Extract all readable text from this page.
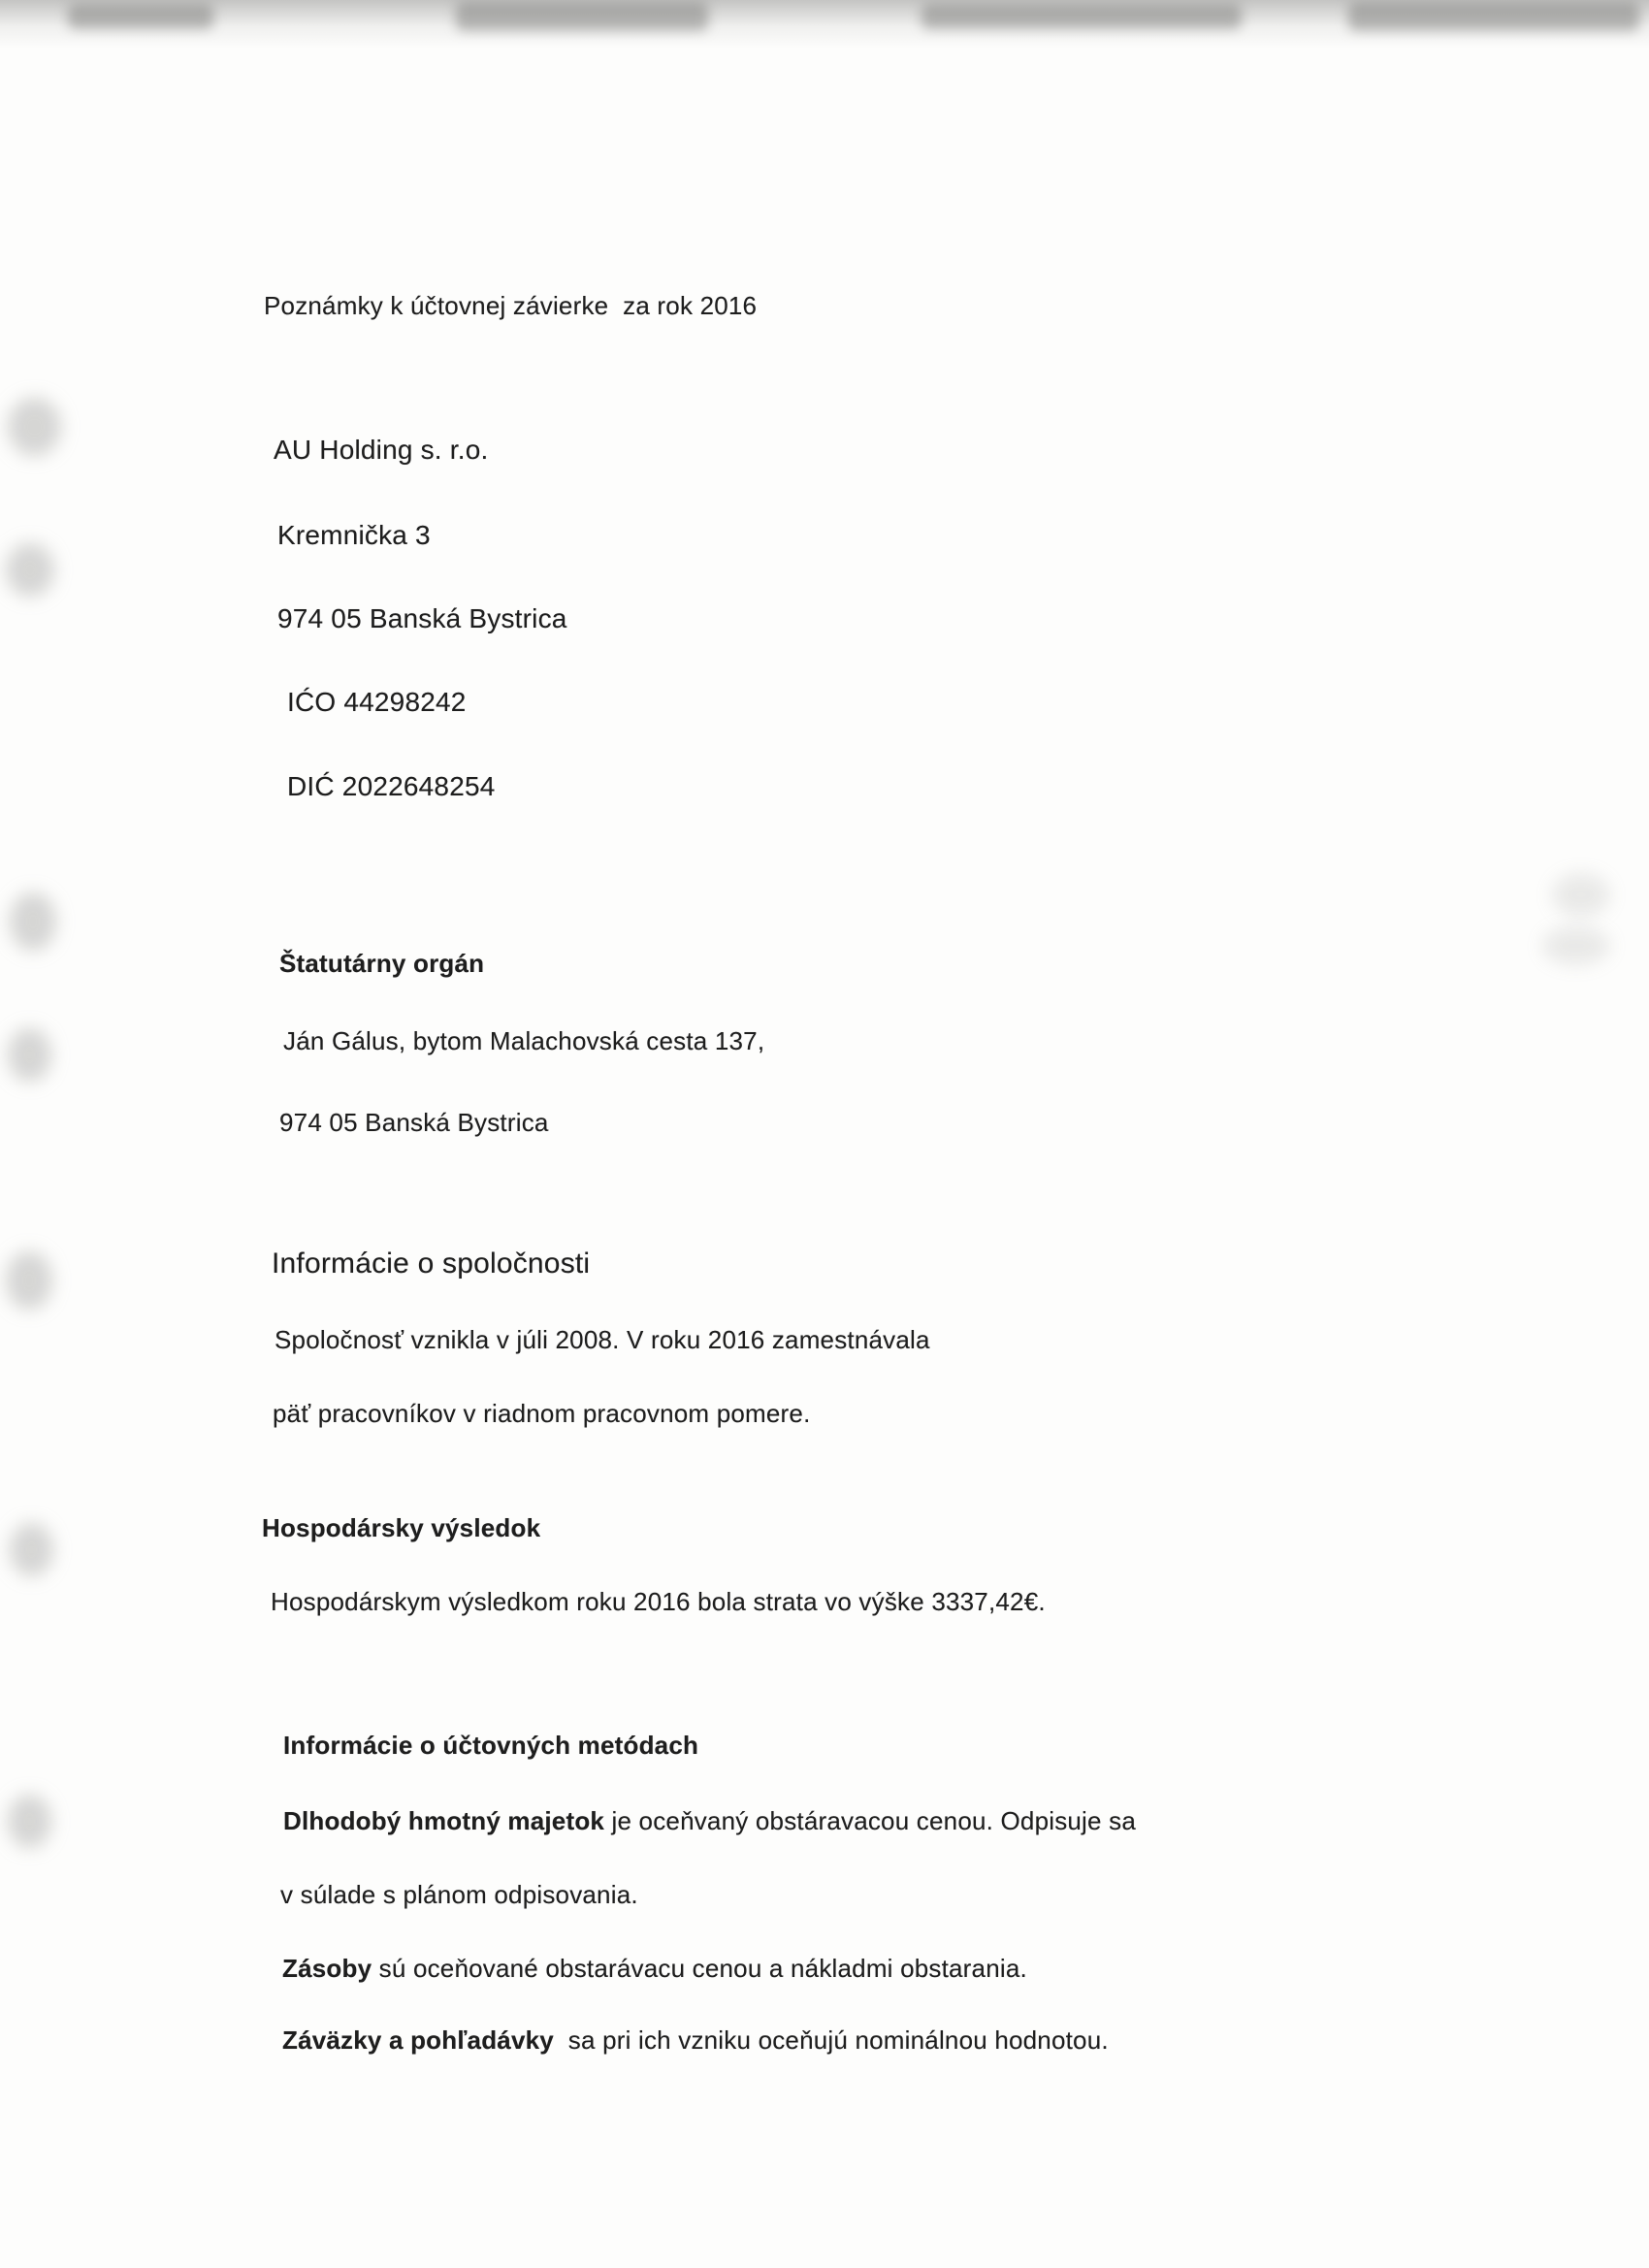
Poznámky k účtovnej závierke  za rok 2016
AU Holding s. r.o.
Kremnička 3
974 05 Banská Bystrica
IĆO 44298242
DIĆ 2022648254
Štatutárny orgán
Ján Gálus, bytom Malachovská cesta 137,
974 05 Banská Bystrica
Informácie o spoločnosti
Spoločnosť vznikla v júli 2008. V roku 2016 zamestnávala
päť pracovníkov v riadnom pracovnom pomere.
Hospodársky výsledok
Hospodárskym výsledkom roku 2016 bola strata vo výške 3337,42€.
Informácie o účtovných metódach
Dlhodobý hmotný majetok je oceňvaný obstáravacou cenou. Odpisuje sa
v súlade s plánom odpisovania.
Zásoby sú oceňované obstarávacu cenou a nákladmi obstarania.
Záväzky a pohľadávky  sa pri ich vzniku oceňujú nominálnou hodnotou.
